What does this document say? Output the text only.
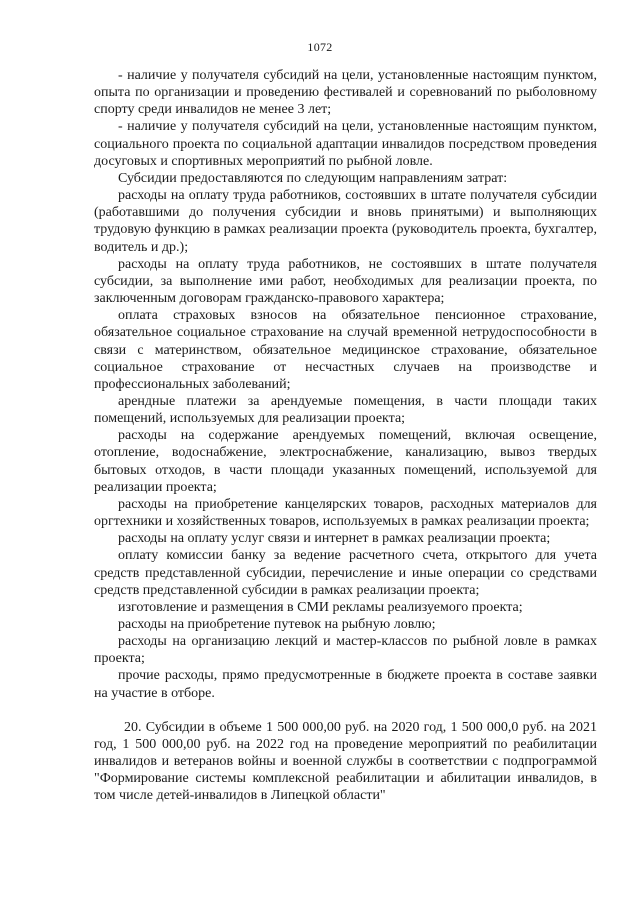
1072

- наличие у получателя субсидий на цели, установленные настоящим пунктом, опыта по организации и проведению фестивалей и соревнований по рыболовному спорту среди инвалидов не менее 3 лет;

- наличие у получателя субсидий на цели, установленные настоящим пунктом, социального проекта по социальной адаптации инвалидов посредством проведения досуговых и спортивных мероприятий по рыбной ловле.

Субсидии предоставляются по следующим направлениям затрат:

расходы на оплату труда работников, состоявших в штате получателя субсидии (работавшими до получения субсидии и вновь принятыми) и выполняющих трудовую функцию в рамках реализации проекта (руководитель проекта, бухгалтер, водитель и др.);

расходы на оплату труда работников, не состоявших в штате получателя субсидии, за выполнение ими работ, необходимых для реализации проекта, по заключенным договорам гражданско-правового характера;

оплата страховых взносов на обязательное пенсионное страхование, обязательное социальное страхование на случай временной нетрудоспособности в связи с материнством, обязательное медицинское страхование, обязательное социальное страхование от несчастных случаев на производстве и профессиональных заболеваний;

арендные платежи за арендуемые помещения, в части площади таких помещений, используемых для реализации проекта;

расходы на содержание арендуемых помещений, включая освещение, отопление, водоснабжение, электроснабжение, канализацию, вывоз твердых бытовых отходов, в части площади указанных помещений, используемой для реализации проекта;

расходы на приобретение канцелярских товаров, расходных материалов для оргтехники и хозяйственных товаров, используемых в рамках реализации проекта;

расходы на оплату услуг связи и интернет в рамках реализации проекта;

оплату комиссии банку за ведение расчетного счета, открытого для учета средств представленной субсидии, перечисление и иные операции со средствами средств представленной субсидии в рамках реализации проекта;

изготовление и размещения в СМИ рекламы реализуемого проекта;

расходы на приобретение путевок на рыбную ловлю;

расходы на организацию лекций и мастер-классов по рыбной ловле в рамках проекта;

прочие расходы, прямо предусмотренные в бюджете проекта в составе заявки на участие в отборе.

20. Субсидии в объеме 1 500 000,00 руб. на 2020 год, 1 500 000,0 руб. на 2021 год, 1 500 000,00 руб. на 2022 год на проведение мероприятий по реабилитации инвалидов и ветеранов войны и военной службы в соответствии с подпрограммой "Формирование системы комплексной реабилитации и абилитации инвалидов, в том числе детей-инвалидов в Липецкой области"
